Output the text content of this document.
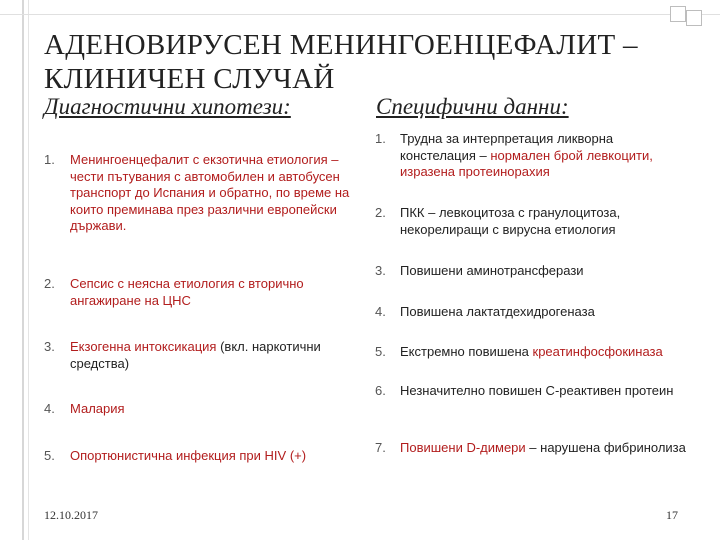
АДЕНОВИРУСЕН МЕНИНГОЕНЦЕФАЛИТ – КЛИНИЧЕН СЛУЧАЙ
Диагностични хипотези:	Специфични данни:
1. Менингоенцефалит с екзотична етиология – чести пътувания с автомобилен и автобусен транспорт до Испания и обратно, по време на които преминава през различни европейски държави.
2. Сепсис с неясна етиология с вторично ангажиране на ЦНС
3. Екзогенна интоксикация (вкл. наркотични средства)
4. Малария
5. Опортюнистична инфекция при HIV (+)
1. Трудна за интерпретация ликворна констелация – нормален брой левкоцити, изразена протеинорахия
2. ПКК – левкоцитоза с гранулоцитоза, некорелиращи с вирусна етиология
3. Повишени аминотрансферази
4. Повишена лактатдехидрогеназа
5. Екстремно повишена креатинфосфокиназа
6. Незначително повишен С-реактивен протеин
7. Повишени D-димери – нарушена фибринолиза
12.10.2017	17
